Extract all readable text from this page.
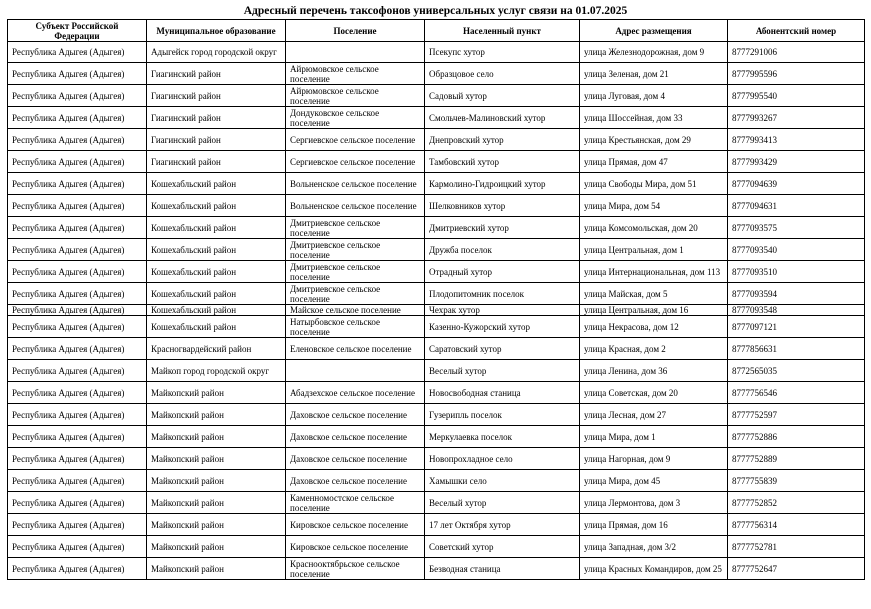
Адресный перечень таксофонов универсальных услуг связи на 01.07.2025
Субъект Российской Федерации	Муниципальное образование	Поселение	Населенный пункт	Адрес размещения	Абонентский номер
Республика Адыгея (Адыгея)	Адыгейск город городской округ		Псекупс хутор	улица Железнодорожная, дом 9	8777291006
Республика Адыгея (Адыгея)	Гиагинский район	Айрюмовское сельское поселение	Образцовое село	улица Зеленая, дом 21	8777995596
Республика Адыгея (Адыгея)	Гиагинский район	Айрюмовское сельское поселение	Садовый хутор	улица Луговая, дом 4	8777995540
Республика Адыгея (Адыгея)	Гиагинский район	Дондуковское сельское поселение	Смольчев-Малиновский хутор	улица Шоссейная, дом 33	8777993267
Республика Адыгея (Адыгея)	Гиагинский район	Сергиевское сельское поселение	Днепровский хутор	улица Крестьянская, дом 29	8777993413
Республика Адыгея (Адыгея)	Гиагинский район	Сергиевское сельское поселение	Тамбовский хутор	улица Прямая, дом 47	8777993429
Республика Адыгея (Адыгея)	Кошехабльский район	Вольненское сельское поселение	Кармолино-Гидроицкий хутор	улица Свободы Мира, дом 51	8777094639
Республика Адыгея (Адыгея)	Кошехабльский район	Вольненское сельское поселение	Шелковников хутор	улица Мира, дом 54	8777094631
Республика Адыгея (Адыгея)	Кошехабльский район	Дмитриевское сельское поселение	Дмитриевский хутор	улица Комсомольская, дом 20	8777093575
Республика Адыгея (Адыгея)	Кошехабльский район	Дмитриевское сельское поселение	Дружба поселок	улица Центральная, дом 1	8777093540
Республика Адыгея (Адыгея)	Кошехабльский район	Дмитриевское сельское поселение	Отрадный хутор	улица Интернациональная, дом 113	8777093510
Республика Адыгея (Адыгея)	Кошехабльский район	Дмитриевское сельское поселение	Плодопитомник поселок	улица Майская, дом 5	8777093594
Республика Адыгея (Адыгея)	Кошехабльский район	Майское сельское поселение	Чехрак хутор	улица Центральная, дом 16	8777093548
Республика Адыгея (Адыгея)	Кошехабльский район	Натырбовское сельское поселение	Казенно-Кужорский хутор	улица Некрасова, дом 12	8777097121
Республика Адыгея (Адыгея)	Красногвардейский район	Еленовское сельское поселение	Саратовский хутор	улица Красная, дом 2	8777856631
Республика Адыгея (Адыгея)	Майкоп город городской округ		Веселый хутор	улица Ленина, дом 36	8772565035
Республика Адыгея (Адыгея)	Майкопский район	Абадзехское сельское поселение	Новосвободная станица	улица Советская, дом 20	8777756546
Республика Адыгея (Адыгея)	Майкопский район	Даховское сельское поселение	Гузерипль поселок	улица Лесная, дом 27	8777752597
Республика Адыгея (Адыгея)	Майкопский район	Даховское сельское поселение	Меркулаевка поселок	улица Мира, дом 1	8777752886
Республика Адыгея (Адыгея)	Майкопский район	Даховское сельское поселение	Новопрохладное село	улица Нагорная, дом 9	8777752889
Республика Адыгея (Адыгея)	Майкопский район	Даховское сельское поселение	Хамышки село	улица Мира, дом 45	8777755839
Республика Адыгея (Адыгея)	Майкопский район	Каменномостское сельское поселение	Веселый хутор	улица Лермонтова, дом 3	8777752852
Республика Адыгея (Адыгея)	Майкопский район	Кировское сельское поселение	17 лет Октября хутор	улица Прямая, дом 16	8777756314
Республика Адыгея (Адыгея)	Майкопский район	Кировское сельское поселение	Советский хутор	улица Западная, дом 3/2	8777752781
Республика Адыгея (Адыгея)	Майкопский район	Краснооктябрьское сельское поселение	Безводная станица	улица Красных Командиров, дом 25	8777752647
